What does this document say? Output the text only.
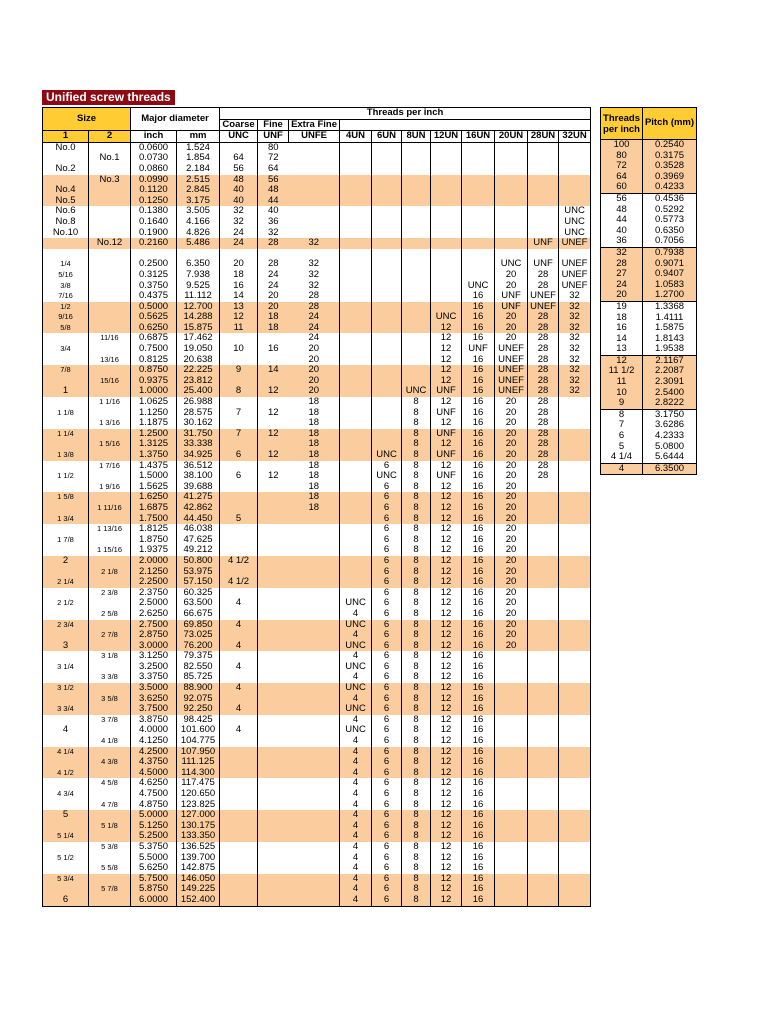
Unified screw threads
Size		Major diameter		Threads per inch										
				Coarse	Fine	Extra Fine								
1	2	inch	mm	UNC	UNF	UNFE	4UN	6UN	8UN	12UN	16UN	20UN	28UN	32UN
No.0		0.0600	1.524		80									
	No.1	0.0730	1.854	64	72									
No.2		0.0860	2.184	56	64									
	No.3	0.0990	2.515	48	56									
No.4		0.1120	2.845	40	48									
No.5		0.1250	3.175	40	44									
No.6		0.1380	3.505	32	40									UNC
No.8		0.1640	4.166	32	36									UNC
No.10		0.1900	4.826	24	32									UNC
	No.12	0.2160	5.486	24	28	32							UNF	UNEF

1/4		0.2500	6.350	20	28	32						UNC	UNF	UNEF
5/16		0.3125	7.938	18	24	32						20	28	UNEF
3/8		0.3750	9.525	16	24	32					UNC	20	28	UNEF
7/16		0.4375	11.112	14	20	28					16	UNF	UNEF	32
1/2		0.5000	12.700	13	20	28					16	UNF	UNEF	32
9/16		0.5625	14.288	12	18	24				UNC	16	20	28	32
5/8		0.6250	15.875	11	18	24				12	16	20	28	32
	11/16	0.6875	17.462			24				12	16	20	28	32
3/4		0.7500	19.050	10	16	20				12	UNF	UNEF	28	32
	13/16	0.8125	20.638			20				12	16	UNEF	28	32
7/8		0.8750	22.225	9	14	20				12	16	UNEF	28	32
	15/16	0.9375	23.812			20				12	16	UNEF	28	32
1		1.0000	25.400	8	12	20			UNC	UNF	16	UNEF	28	32
	1 1/16	1.0625	26.988			18			8	12	16	20	28	
1 1/8		1.1250	28.575	7	12	18			8	UNF	16	20	28	
	1 3/16	1.1875	30.162			18			8	12	16	20	28	
1 1/4		1.2500	31.750	7	12	18			8	UNF	16	20	28	
	1 5/16	1.3125	33.338			18			8	12	16	20	28	
1 3/8		1.3750	34.925	6	12	18		UNC	8	UNF	16	20	28	
	1 7/16	1.4375	36.512			18		6	8	12	16	20	28	
1 1/2		1.5000	38.100	6	12	18		UNC	8	UNF	16	20	28	
	1 9/16	1.5625	39.688			18		6	8	12	16	20		
1 5/8		1.6250	41.275			18		6	8	12	16	20		
	1 11/16	1.6875	42.862			18		6	8	12	16	20		
1 3/4		1.7500	44.450	5				6	8	12	16	20		
	1 13/16	1.8125	46.038					6	8	12	16	20		
1 7/8		1.8750	47.625					6	8	12	16	20		
	1 15/16	1.9375	49.212					6	8	12	16	20		
2		2.0000	50.800	4 1/2				6	8	12	16	20		
	2 1/8	2.1250	53.975					6	8	12	16	20		
2 1/4		2.2500	57.150	4 1/2				6	8	12	16	20		
	2 3/8	2.3750	60.325					6	8	12	16	20		
2 1/2		2.5000	63.500	4			UNC	6	8	12	16	20		
	2 5/8	2.6250	66.675				4	6	8	12	16	20		
2 3/4		2.7500	69.850	4			UNC	6	8	12	16	20		
	2 7/8	2.8750	73.025				4	6	8	12	16	20		
3		3.0000	76.200	4			UNC	6	8	12	16	20		
	3 1/8	3.1250	79.375				4	6	8	12	16			
3 1/4		3.2500	82.550	4			UNC	6	8	12	16			
	3 3/8	3.3750	85.725				4	6	8	12	16			
3 1/2		3.5000	88.900	4			UNC	6	8	12	16			
	3 5/8	3.6250	92.075				4	6	8	12	16			
3 3/4		3.7500	92.250	4			UNC	6	8	12	16			
	3 7/8	3.8750	98.425				4	6	8	12	16			
4		4.0000	101.600	4			UNC	6	8	12	16			
	4 1/8	4.1250	104.775				4	6	8	12	16			
4 1/4		4.2500	107.950				4	6	8	12	16			
	4 3/8	4.3750	111.125				4	6	8	12	16			
4 1/2		4.5000	114.300				4	6	8	12	16			
	4 5/8	4.6250	117.475				4	6	8	12	16			
4 3/4		4.7500	120.650				4	6	8	12	16			
	4 7/8	4.8750	123.825				4	6	8	12	16			
5		5.0000	127.000				4	6	8	12	16			
	5 1/8	5.1250	130.175				4	6	8	12	16			
5 1/4		5.2500	133.350				4	6	8	12	16			
	5 3/8	5.3750	136.525				4	6	8	12	16			
5 1/2		5.5000	139.700				4	6	8	12	16			
	5 5/8	5.6250	142.875				4	6	8	12	16			
5 3/4		5.7500	146.050				4	6	8	12	16			
	5 7/8	5.8750	149.225				4	6	8	12	16			
6		6.0000	152.400				4	6	8	12	16			
Threads per inch	Pitch (mm)
100	0.2540
80	0.3175
72	0.3528
64	0.3969
60	0.4233
56	0.4536
48	0.5292
44	0.5773
40	0.6350
36	0.7056
32	0.7938
28	0.9071
27	0.9407
24	1.0583
20	1.2700
19	1.3368
18	1.4111
16	1.5875
14	1.8143
13	1.9538
12	2.1167
11 1/2	2.2087
11	2.3091
10	2.5400
9	2.8222
8	3.1750
7	3.6286
6	4.2333
5	5.0800
4 1/4	5.6444
4	6.3500
